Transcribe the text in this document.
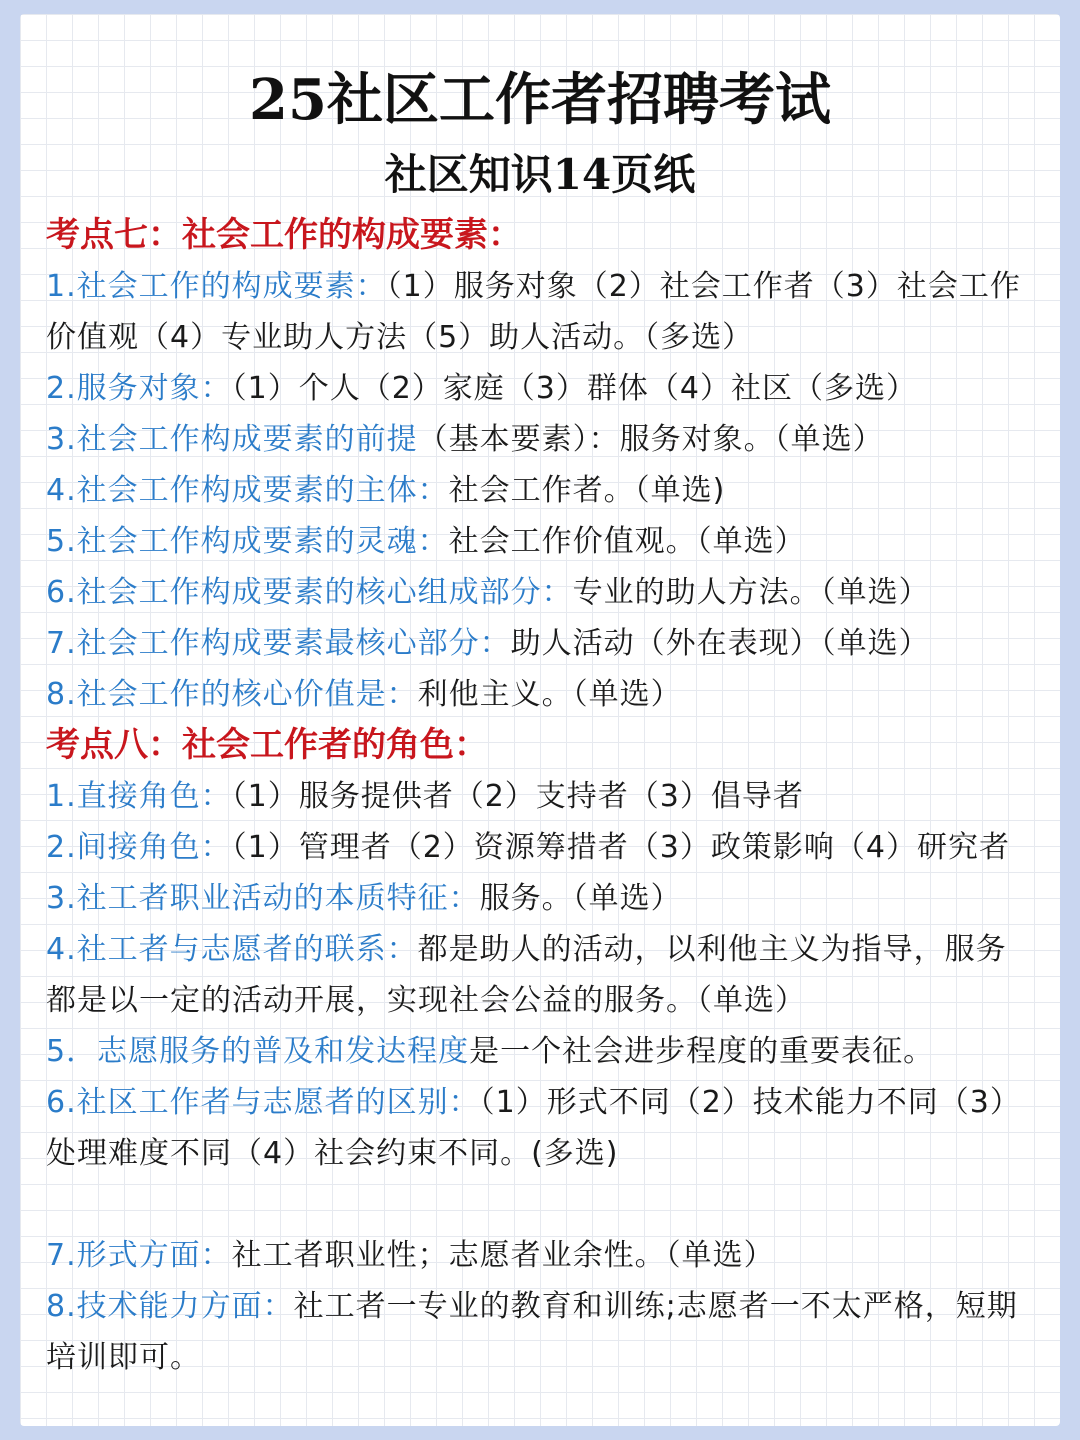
25社区工作者招聘考试
社区知识14页纸
考点七：社会工作的构成要素：
1.社会工作的构成要素：（1）服务对象（2）社会工作者（3）社会工作价值观（4）专业助人方法（5）助人活动。（多选）
2.服务对象：（1）个人（2）家庭（3）群体（4）社区（多选）
3.社会工作构成要素的前提（基本要素）：服务对象。（单选）
4.社会工作构成要素的主体：社会工作者。（单选)
5.社会工作构成要素的灵魂：社会工作价值观。（单选）
6.社会工作构成要素的核心组成部分：专业的助人方法。（单选）
7.社会工作构成要素最核心部分：助人活动（外在表现）（单选）
8.社会工作的核心价值是：利他主义。（单选）
考点八：社会工作者的角色：
1.直接角色：（1）服务提供者（2）支持者（3）倡导者
2.间接角色：（1）管理者（2）资源筹措者（3）政策影响（4）研究者
3.社工者职业活动的本质特征：服务。（单选）
4.社工者与志愿者的联系：都是助人的活动，以利他主义为指导，服务都是以一定的活动开展，实现社会公益的服务。（单选）
5．志愿服务的普及和发达程度是一个社会进步程度的重要表征。
6.社区工作者与志愿者的区别：（1）形式不同（2）技术能力不同（3）处理难度不同（4）社会约束不同。(多选)
7.形式方面：社工者职业性；志愿者业余性。（单选）
8.技术能力方面：社工者一专业的教育和训练;志愿者一不太严格，短期培训即可。
